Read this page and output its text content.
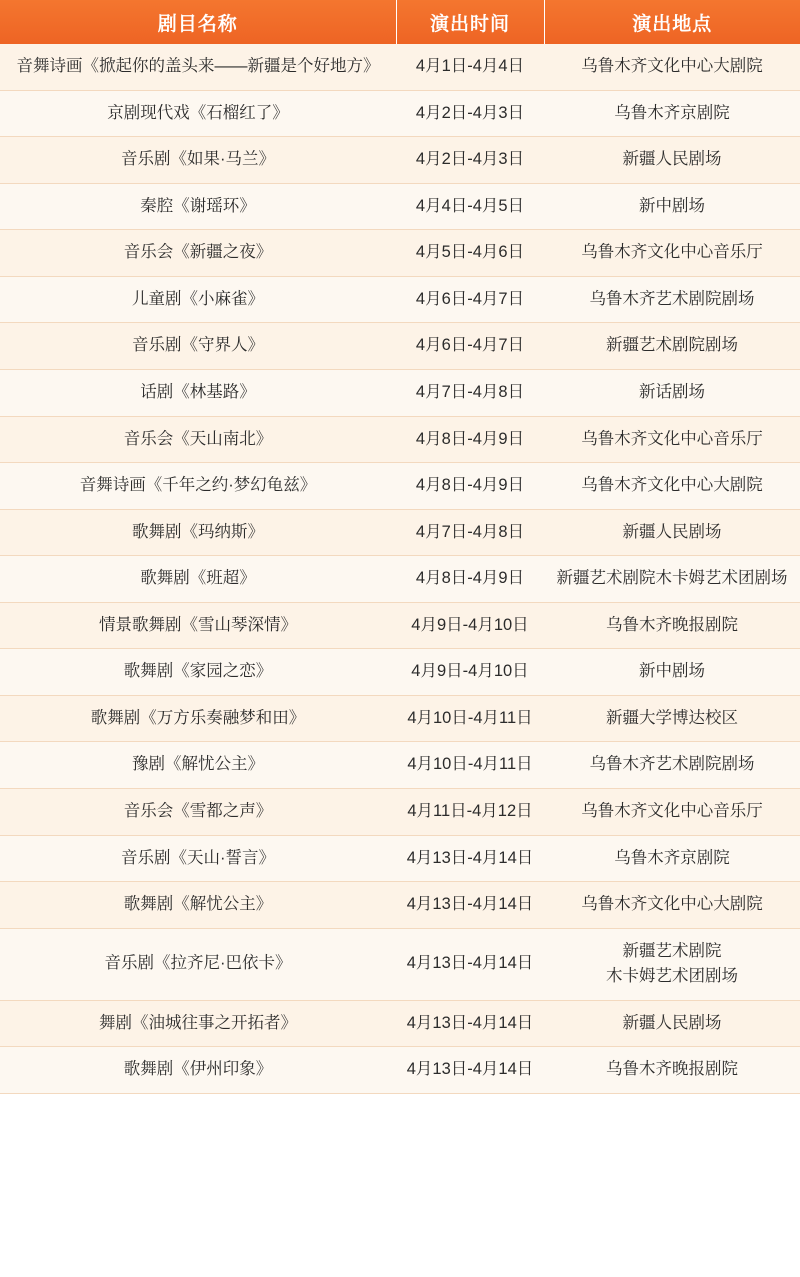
剧目名称	演出时间	演出地点

音舞诗画《掀起你的盖头来——新疆是个好地方》	4月1日-4月4日	乌鲁木齐文化中心大剧院

京剧现代戏《石榴红了》	4月2日-4月3日	乌鲁木齐京剧院

音乐剧《如果·马兰》	4月2日-4月3日	新疆人民剧场

秦腔《谢瑶环》	4月4日-4月5日	新中剧场

音乐会《新疆之夜》	4月5日-4月6日	乌鲁木齐文化中心音乐厅

儿童剧《小麻雀》	4月6日-4月7日	乌鲁木齐艺术剧院剧场

音乐剧《守界人》	4月6日-4月7日	新疆艺术剧院剧场

话剧《林基路》	4月7日-4月8日	新话剧场

音乐会《天山南北》	4月8日-4月9日	乌鲁木齐文化中心音乐厅

音舞诗画《千年之约·梦幻龟兹》	4月8日-4月9日	乌鲁木齐文化中心大剧院

歌舞剧《玛纳斯》	4月7日-4月8日	新疆人民剧场

歌舞剧《班超》	4月8日-4月9日	新疆艺术剧院木卡姆艺术团剧场

情景歌舞剧《雪山琴深情》	4月9日-4月10日	乌鲁木齐晚报剧院

歌舞剧《家园之恋》	4月9日-4月10日	新中剧场

歌舞剧《万方乐奏融梦和田》	4月10日-4月11日	新疆大学博达校区

豫剧《解忧公主》	4月10日-4月11日	乌鲁木齐艺术剧院剧场

音乐会《雪都之声》	4月11日-4月12日	乌鲁木齐文化中心音乐厅

音乐剧《天山·誓言》	4月13日-4月14日	乌鲁木齐京剧院

歌舞剧《解忧公主》	4月13日-4月14日	乌鲁木齐文化中心大剧院

音乐剧《拉齐尼·巴依卡》	4月13日-4月14日	新疆艺术剧院
木卡姆艺术团剧场

舞剧《油城往事之开拓者》	4月13日-4月14日	新疆人民剧场

歌舞剧《伊州印象》	4月13日-4月14日	乌鲁木齐晚报剧院
